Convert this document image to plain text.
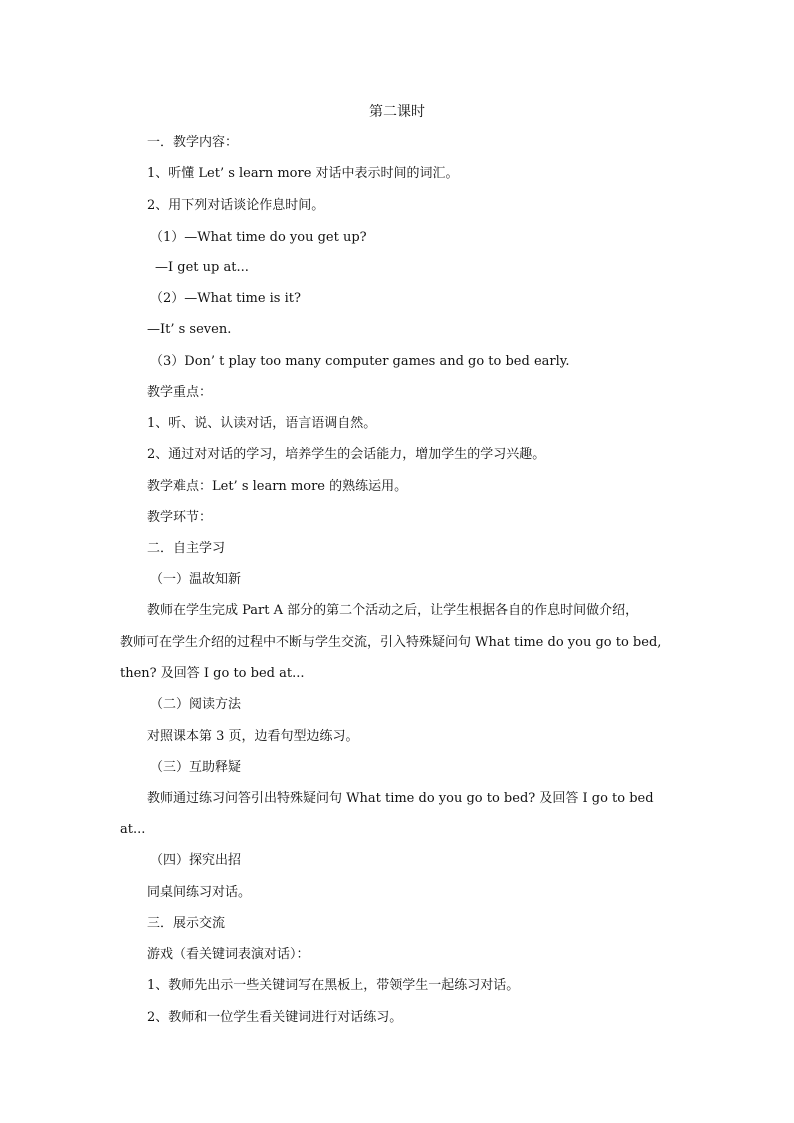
第二课时
一．教学内容：
1、听懂 Let’ s learn more 对话中表示时间的词汇。
2、用下列对话谈论作息时间。
（1）—What time do you get up?
—I get up at...
（2）—What time is it?
—It’ s seven.
（3）Don’ t play too many computer games and go to bed early.
教学重点：
1、听、说、认读对话，语言语调自然。
2、通过对对话的学习，培养学生的会话能力，增加学生的学习兴趣。
教学难点：Let’ s learn more 的熟练运用。
教学环节：
二．自主学习
（一）温故知新
教师在学生完成 Part A 部分的第二个活动之后，让学生根据各自的作息时间做介绍，
教师可在学生介绍的过程中不断与学生交流，引入特殊疑问句 What time do you go to bed,
then? 及回答 I go to bed at...
（二）阅读方法
对照课本第 3 页，边看句型边练习。
（三）互助释疑
教师通过练习问答引出特殊疑问句 What time do you go to bed? 及回答 I go to bed
at...
（四）探究出招
同桌间练习对话。
三．展示交流
游戏（看关键词表演对话）：
1、教师先出示一些关键词写在黑板上，带领学生一起练习对话。
2、教师和一位学生看关键词进行对话练习。
